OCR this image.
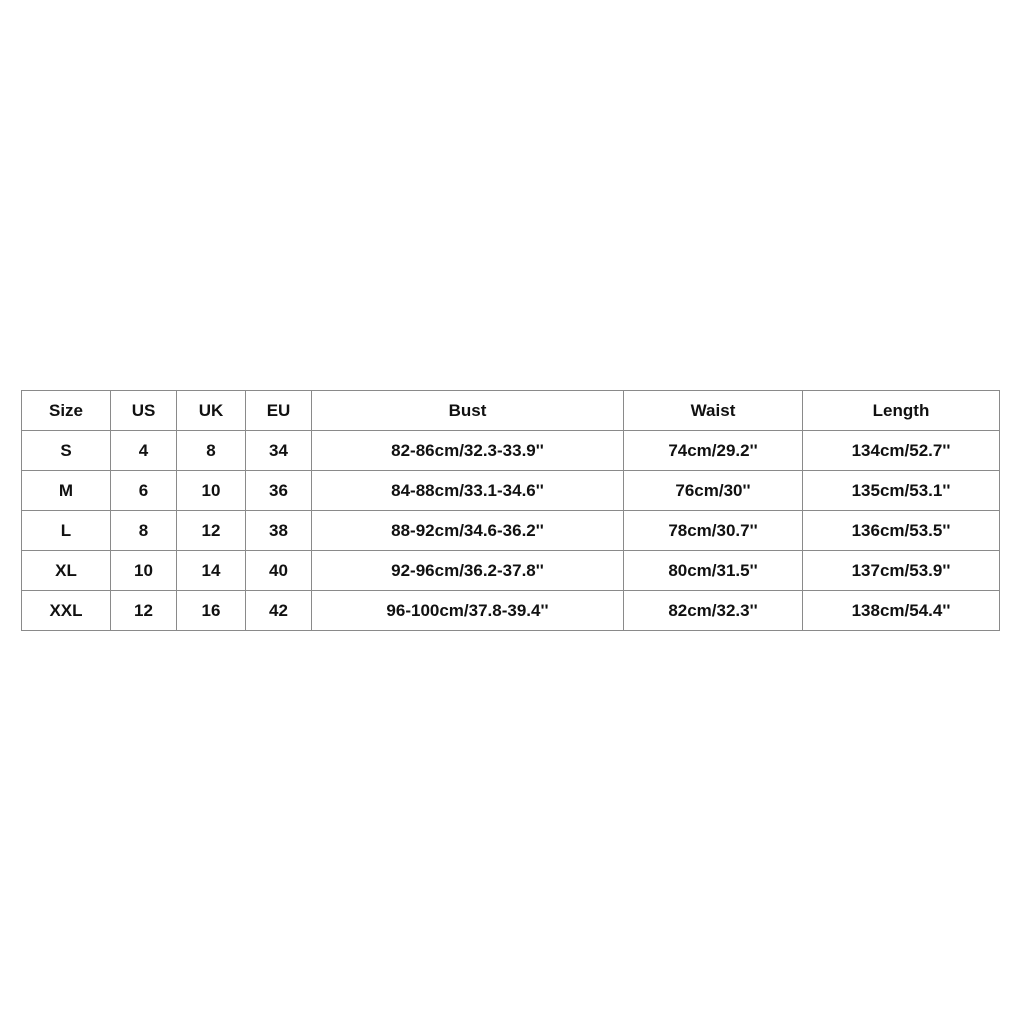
Size	US	UK	EU	Bust	Waist	Length
S	4	8	34	82-86cm/32.3-33.9''	74cm/29.2''	134cm/52.7''
M	6	10	36	84-88cm/33.1-34.6''	76cm/30''	135cm/53.1''
L	8	12	38	88-92cm/34.6-36.2''	78cm/30.7''	136cm/53.5''
XL	10	14	40	92-96cm/36.2-37.8''	80cm/31.5''	137cm/53.9''
XXL	12	16	42	96-100cm/37.8-39.4''	82cm/32.3''	138cm/54.4''
